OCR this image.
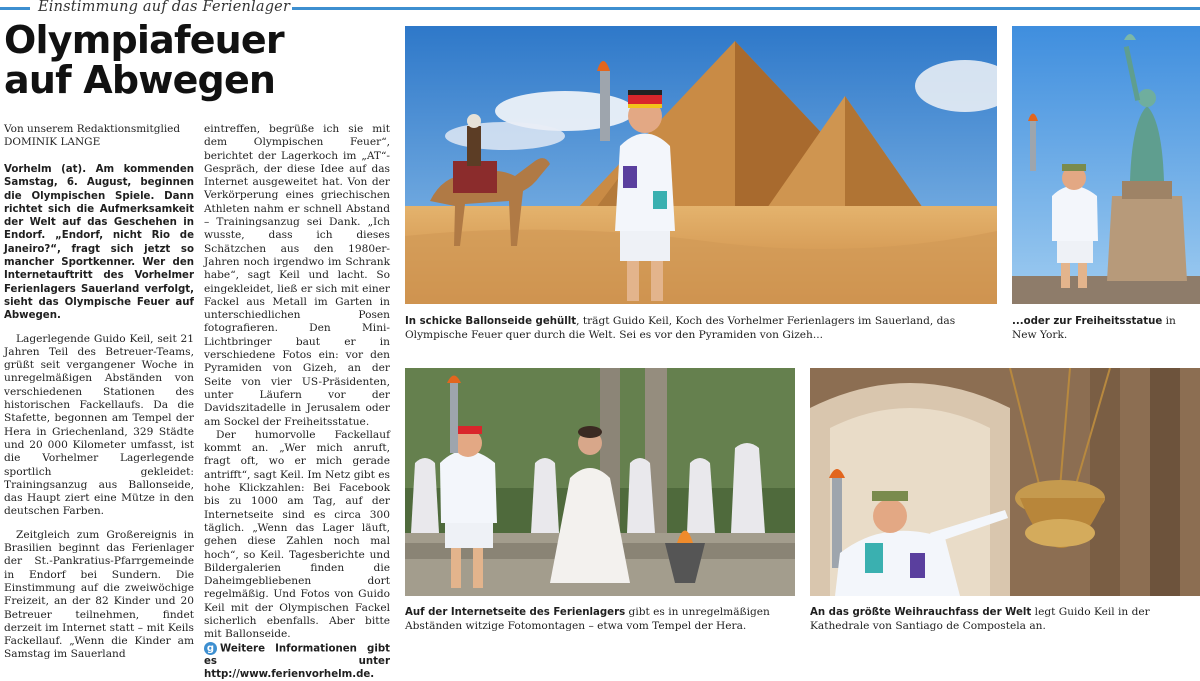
Einstimmung auf das Ferienlager
Olympiafeuer
auf Abwegen
Von unserem Redaktionsmitglied
DOMINIK LANGE

Vorhelm (at). Am kommenden Samstag, 6. August, beginnen die Olympischen Spiele. Dann richtet sich die Aufmerksamkeit der Welt auf das Geschehen in Endorf. „Endorf, nicht Rio de Janeiro?“, fragt sich jetzt so mancher Sportkenner. Wer den Internetauftritt des Vorhelmer Ferienlagers Sauerland verfolgt, sieht das Olympische Feuer auf Abwegen.

Lagerlegende Guido Keil, seit 21 Jahren Teil des Betreuer-Teams, grüßt seit vergangener Woche in unregelmäßigen Abständen von verschiedenen Stationen des historischen Fackellaufs. Da die Stafette, begonnen am Tempel der Hera in Griechenland, 329 Städte und 20 000 Kilometer umfasst, ist die Vorhelmer Lagerlegende sportlich gekleidet: Trainingsanzug aus Ballonseide, das Haupt ziert eine Mütze in den deutschen Farben.

Zeitgleich zum Großereignis in Brasilien beginnt das Ferienlager der St.-Pankratius-Pfarrgemeinde in Endorf bei Sundern. Die Einstimmung auf die zweiwöchige Freizeit, an der 82 Kinder und 20 Betreuer teilnehmen, findet derzeit im Internet statt – mit Keils Fackellauf. „Wenn die Kinder am Samstag im Sauerland

eintreffen, begrüße ich sie mit dem Olympischen Feuer“, berichtet der Lagerkoch im „AT“-Gespräch, der diese Idee auf das Internet ausgeweitet hat. Von der Verkörperung eines griechischen Athleten nahm er schnell Abstand – Trainingsanzug sei Dank. „Ich wusste, dass ich dieses Schätzchen aus den 1980er-Jahren noch irgendwo im Schrank habe“, sagt Keil und lacht. So eingekleidet, ließ er sich mit einer Fackel aus Metall im Garten in unterschiedlichen Posen fotografieren. Den Mini-Lichtbringer baut er in verschiedene Fotos ein: vor den Pyramiden von Gizeh, an der Seite von vier US-Präsidenten, unter Läufern vor der Davidszitadelle in Jerusalem oder am Sockel der Freiheitsstatue.

Der humorvolle Fackellauf kommt an. „Wer mich anruft, fragt oft, wo er mich gerade antrifft“, sagt Keil. Im Netz gibt es hohe Klickzahlen: Bei Facebook bis zu 1000 am Tag, auf der Internetseite sind es circa 300 täglich. „Wenn das Lager läuft, gehen diese Zahlen noch mal hoch“, so Keil. Tagesberichte und Bildergalerien finden die Daheimgebliebenen dort regelmäßig. Und Fotos von Guido Keil mit der Olympischen Fackel sicherlich ebenfalls. Aber bitte mit Ballonseide.

g Weitere Informationen gibt es unter http://www.ferienvorhelm.de.
In schicke Ballonseide gehüllt, trägt Guido Keil, Koch des Vorhelmer Ferienlagers im Sauerland, das Olympische Feuer quer durch die Welt. Sei es vor den Pyramiden von Gizeh...
...oder zur Freiheitsstatue in New York.
Auf der Internetseite des Ferienlagers gibt es in unregelmäßigen Abständen witzige Fotomontagen – etwa vom Tempel der Hera.
An das größte Weihrauchfass der Welt legt Guido Keil in der Kathedrale von Santiago de Compostela an.
